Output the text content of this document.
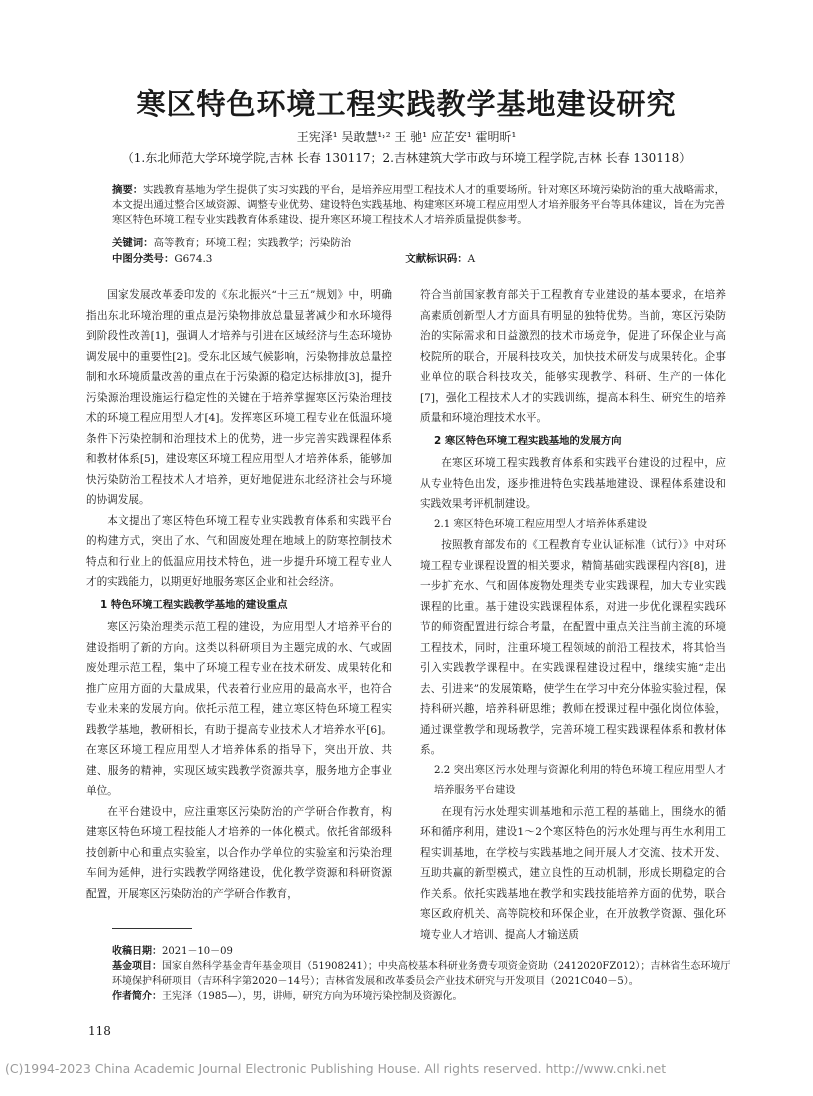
寒区特色环境工程实践教学基地建设研究
王宪泽¹ 吴敢慧¹˒² 王 驰¹ 应芷安¹ 霍明昕¹
（1.东北师范大学环境学院,吉林 长春 130117；2.吉林建筑大学市政与环境工程学院,吉林 长春 130118）
摘要：实践教育基地为学生提供了实习实践的平台，是培养应用型工程技术人才的重要场所。针对寒区环境污染防治的重大战略需求，本文提出通过整合区域资源、调整专业优势、建设特色实践基地、构建寒区环境工程应用型人才培养服务平台等具体建议，旨在为完善寒区特色环境工程专业实践教育体系建设、提升寒区环境工程技术人才培养质量提供参考。
关键词：高等教育；环境工程；实践教学；污染防治
中图分类号：G674.3	文献标识码：A

国家发展改革委印发的《东北振兴“十三五”规划》中，明确指出东北环境治理的重点是污染物排放总量显著减少和水环境得到阶段性改善[1]，强调人才培养与引进在区域经济与生态环境协调发展中的重要性[2]。受东北区域气候影响，污染物排放总量控制和水环境质量改善的重点在于污染源的稳定达标排放[3]，提升污染源治理设施运行稳定性的关键在于培养掌握寒区污染治理技术的环境工程应用型人才[4]。发挥寒区环境工程专业在低温环境条件下污染控制和治理技术上的优势，进一步完善实践课程体系和教材体系[5]，建设寒区环境工程应用型人才培养体系，能够加快污染防治工程技术人才培养，更好地促进东北经济社会与环境的协调发展。

本文提出了寒区特色环境工程专业实践教育体系和实践平台的构建方式，突出了水、气和固废处理在地域上的防寒控制技术特点和行业上的低温应用技术特色，进一步提升环境工程专业人才的实践能力，以期更好地服务寒区企业和社会经济。

1 特色环境工程实践教学基地的建设重点

寒区污染治理类示范工程的建设，为应用型人才培养平台的建设指明了新的方向。这类以科研项目为主题完成的水、气或固废处理示范工程，集中了环境工程专业在技术研发、成果转化和推广应用方面的大量成果，代表着行业应用的最高水平，也符合专业未来的发展方向。依托示范工程，建立寒区特色环境工程实践教学基地，教研相长，有助于提高专业技术人才培养水平[6]。在寒区环境工程应用型人才培养体系的指导下，突出开放、共建、服务的精神，实现区域实践教学资源共享，服务地方企事业单位。

在平台建设中，应注重寒区污染防治的产学研合作教育，构建寒区特色环境工程技能人才培养的一体化模式。依托省部级科技创新中心和重点实验室，以合作办学单位的实验室和污染治理车间为延伸，进行实践教学网络建设，优化教学资源和科研资源配置，开展寒区污染防治的产学研合作教育，

符合当前国家教育部关于工程教育专业建设的基本要求，在培养高素质创新型人才方面具有明显的独特优势。当前，寒区污染防治的实际需求和日益激烈的技术市场竞争，促进了环保企业与高校院所的联合，开展科技攻关，加快技术研发与成果转化。企事业单位的联合科技攻关，能够实现教学、科研、生产的一体化[7]，强化工程技术人才的实践训练，提高本科生、研究生的培养质量和环境治理技术水平。

2 寒区特色环境工程实践基地的发展方向

在寒区环境工程实践教育体系和实践平台建设的过程中，应从专业特色出发，逐步推进特色实践基地建设、课程体系建设和实践效果考评机制建设。

2.1 寒区特色环境工程应用型人才培养体系建设

按照教育部发布的《工程教育专业认证标准（试行）》中对环境工程专业课程设置的相关要求，精简基础实践课程内容[8]，进一步扩充水、气和固体废物处理类专业实践课程，加大专业实践课程的比重。基于建设实践课程体系，对进一步优化课程实践环节的师资配置进行综合考量，在配置中重点关注当前主流的环境工程技术，同时，注重环境工程领域的前沿工程技术，将其恰当引入实践教学课程中。在实践课程建设过程中，继续实施“走出去、引进来”的发展策略，使学生在学习中充分体验实验过程，保持科研兴趣，培养科研思维；教师在授课过程中强化岗位体验，通过课堂教学和现场教学，完善环境工程实践课程体系和教材体系。

2.2 突出寒区污水处理与资源化利用的特色环境工程应用型人才培养服务平台建设

在现有污水处理实训基地和示范工程的基础上，围绕水的循环和循序利用，建设1～2个寒区特色的污水处理与再生水利用工程实训基地，在学校与实践基地之间开展人才交流、技术开发、互助共赢的新型模式，建立良性的互动机制，形成长期稳定的合作关系。依托实践基地在教学和实践技能培养方面的优势，联合寒区政府机关、高等院校和环保企业，在开放教学资源、强化环境专业人才培训、提高人才输送质

收稿日期：2021－10－09
基金项目：国家自然科学基金青年基金项目（51908241）；中央高校基本科研业务费专项资金资助（2412020FZ012）；吉林省生态环境厅环境保护科研项目（吉环科字第2020－14号）；吉林省发展和改革委员会产业技术研究与开发项目（2021C040－5）。
作者简介：王宪泽（1985—），男，讲师，研究方向为环境污染控制及资源化。
118
(C)1994-2023 China Academic Journal Electronic Publishing House. All rights reserved. http://www.cnki.net
